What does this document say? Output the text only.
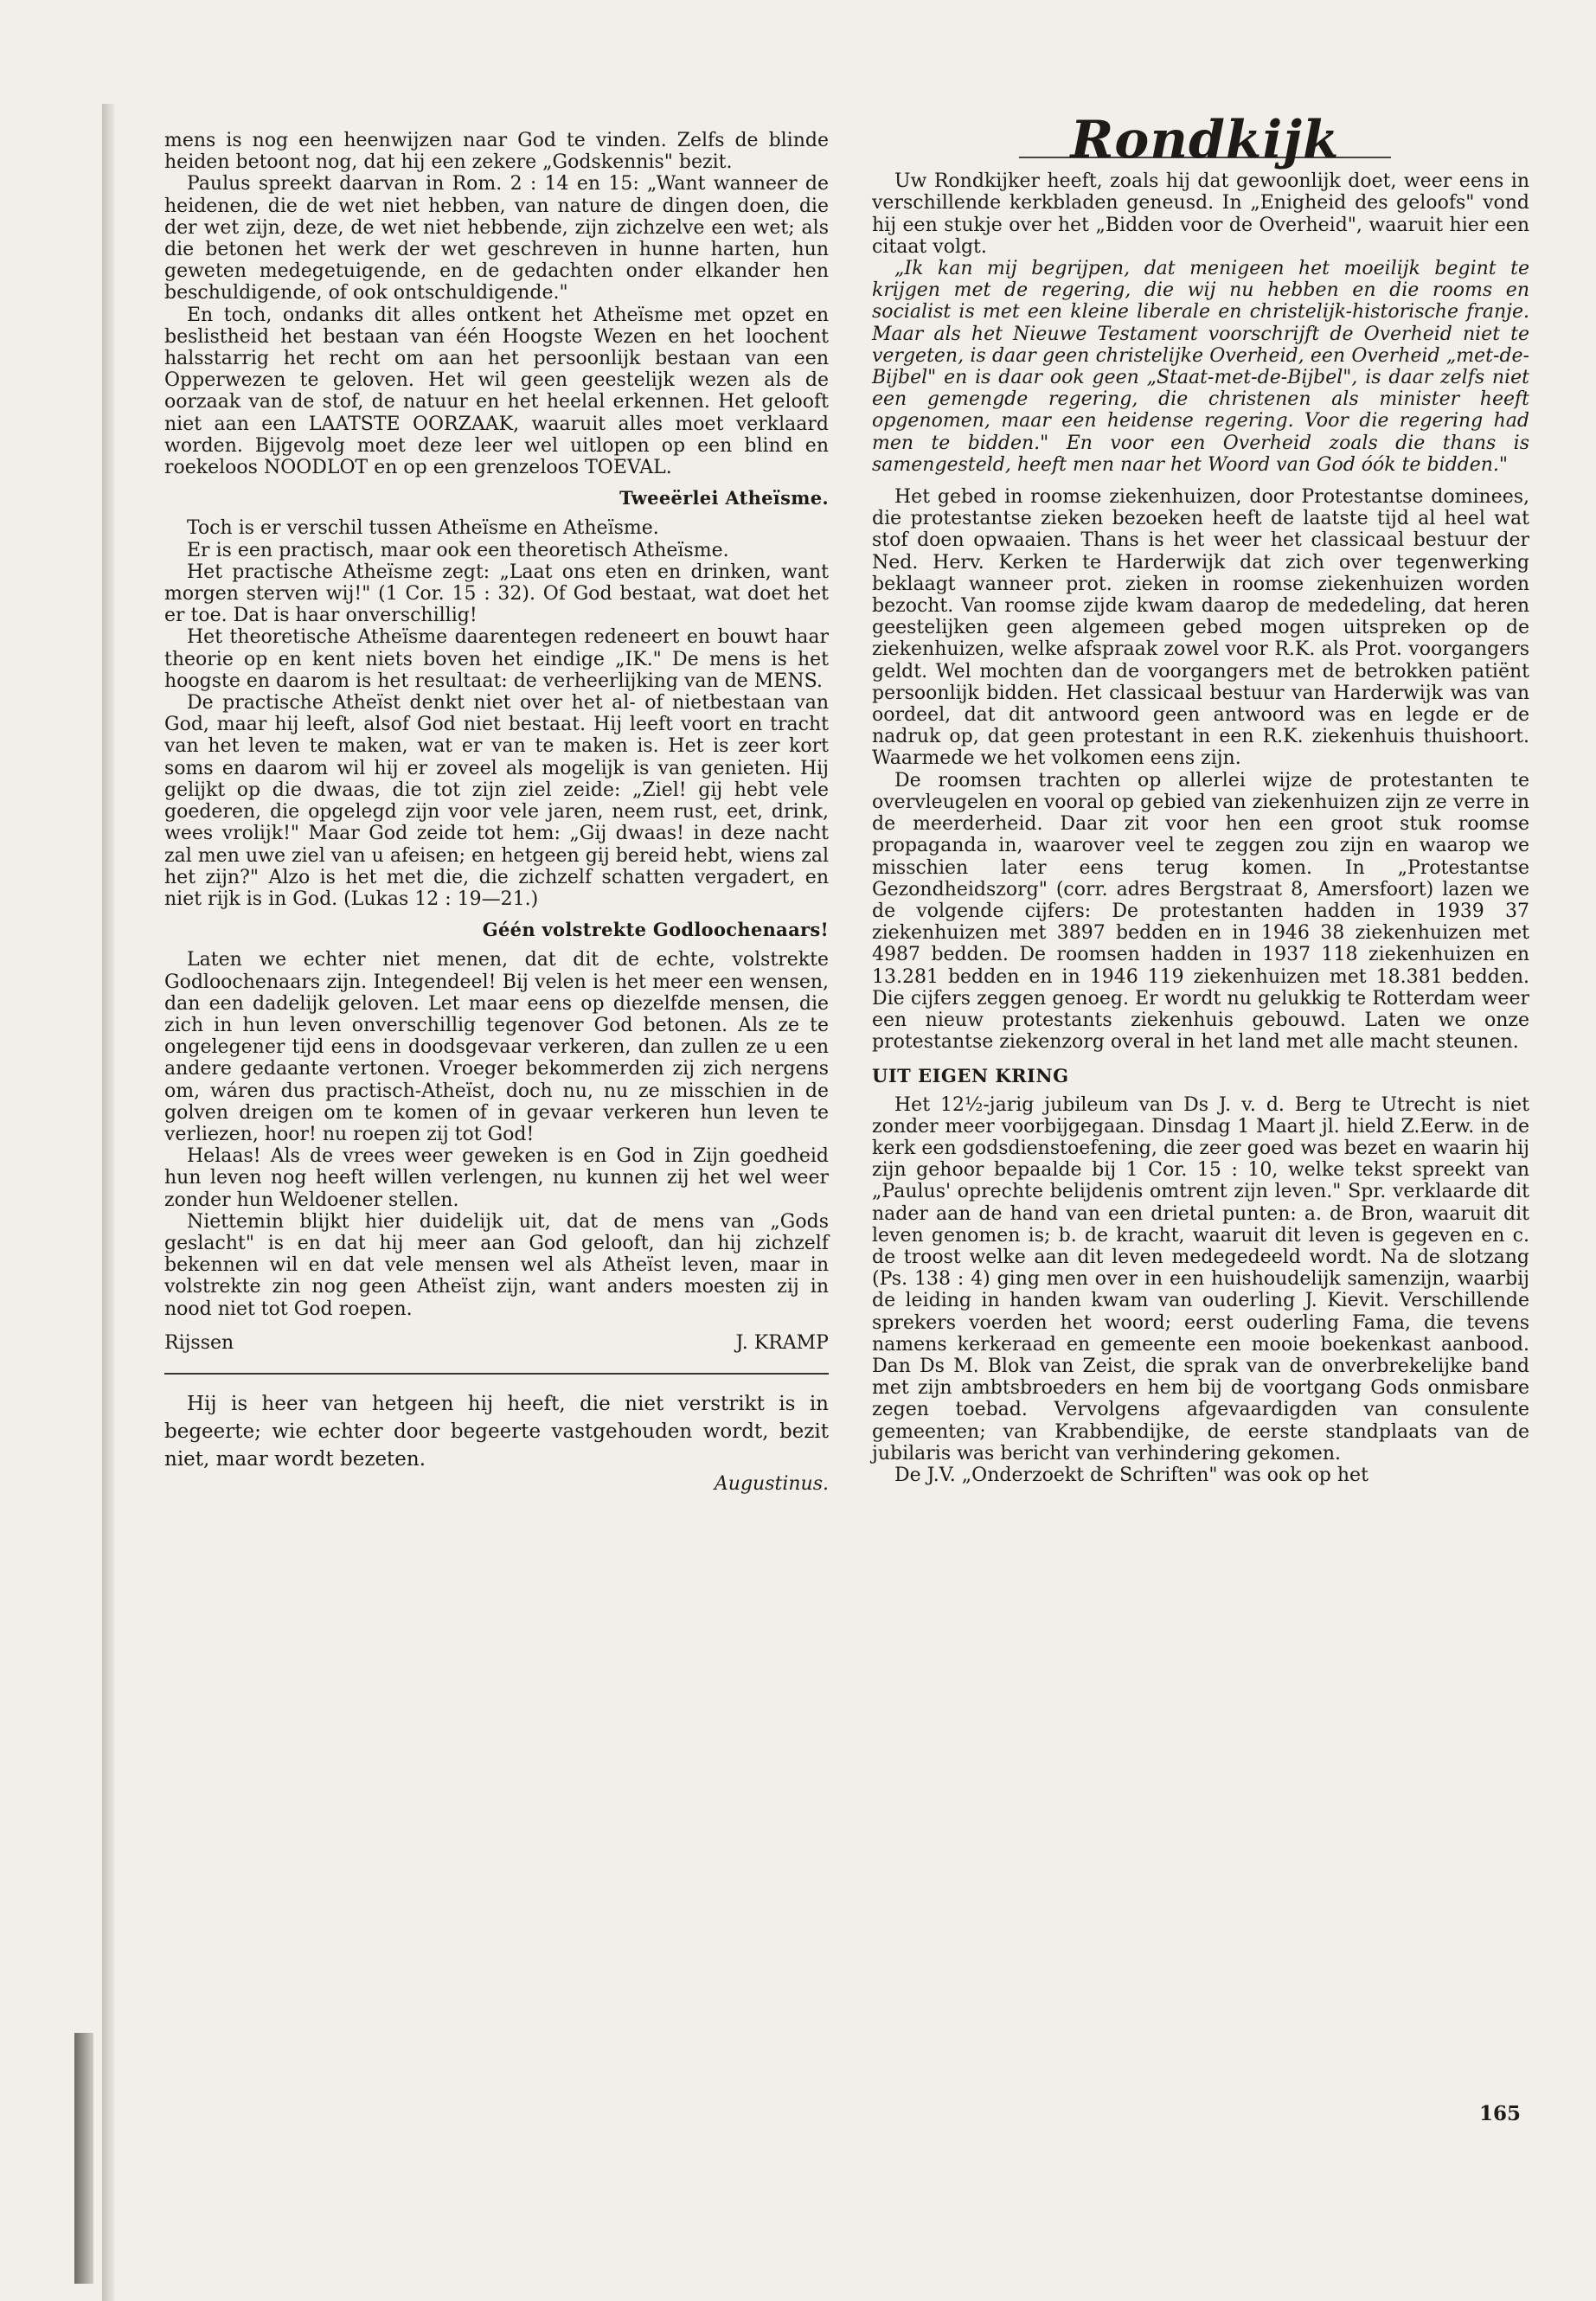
mens is nog een heenwijzen naar God te vinden. Zelfs de blinde heiden betoont nog, dat hij een zekere „Godskennis" bezit.

Paulus spreekt daarvan in Rom. 2 : 14 en 15: „Want wanneer de heidenen, die de wet niet hebben, van nature de dingen doen, die der wet zijn, deze, de wet niet hebbende, zijn zichzelve een wet; als die betonen het werk der wet geschreven in hunne harten, hun geweten medegetuigende, en de gedachten onder elkander hen beschuldigende, of ook ontschuldigende."

En toch, ondanks dit alles ontkent het Atheïsme met opzet en beslistheid het bestaan van één Hoogste Wezen en het loochent halsstarrig het recht om aan het persoonlijk bestaan van een Opperwezen te geloven. Het wil geen geestelijk wezen als de oorzaak van de stof, de natuur en het heelal erkennen. Het gelooft niet aan een LAATSTE OORZAAK, waaruit alles moet verklaard worden. Bijgevolg moet deze leer wel uitlopen op een blind en roekeloos NOODLOT en op een grenzeloos TOEVAL.

Tweeërlei Atheïsme.

Toch is er verschil tussen Atheïsme en Atheïsme.

Er is een practisch, maar ook een theoretisch Atheïsme.

Het practische Atheïsme zegt: „Laat ons eten en drinken, want morgen sterven wij!" (1 Cor. 15 : 32). Of God bestaat, wat doet het er toe. Dat is haar onverschillig!

Het theoretische Atheïsme daarentegen redeneert en bouwt haar theorie op en kent niets boven het eindige „IK." De mens is het hoogste en daarom is het resultaat: de verheerlijking van de MENS.

De practische Atheïst denkt niet over het al- of nietbestaan van God, maar hij leeft, alsof God niet bestaat. Hij leeft voort en tracht van het leven te maken, wat er van te maken is. Het is zeer kort soms en daarom wil hij er zoveel als mogelijk is van genieten. Hij gelijkt op die dwaas, die tot zijn ziel zeide: „Ziel! gij hebt vele goederen, die opgelegd zijn voor vele jaren, neem rust, eet, drink, wees vrolijk!" Maar God zeide tot hem: „Gij dwaas! in deze nacht zal men uwe ziel van u afeisen; en hetgeen gij bereid hebt, wiens zal het zijn?" Alzo is het met die, die zichzelf schatten vergadert, en niet rijk is in God. (Lukas 12 : 19—21.)

Géén volstrekte Godloochenaars!

Laten we echter niet menen, dat dit de echte, volstrekte Godloochenaars zijn. Integendeel! Bij velen is het meer een wensen, dan een dadelijk geloven. Let maar eens op diezelfde mensen, die zich in hun leven onverschillig tegenover God betonen. Als ze te ongelegener tijd eens in doodsgevaar verkeren, dan zullen ze u een andere gedaante vertonen. Vroeger bekommerden zij zich nergens om, wáren dus practisch-Atheïst, doch nu, nu ze misschien in de golven dreigen om te komen of in gevaar verkeren hun leven te verliezen, hoor! nu roepen zij tot God!

Helaas! Als de vrees weer geweken is en God in Zijn goedheid hun leven nog heeft willen verlengen, nu kunnen zij het wel weer zonder hun Weldoener stellen.

Niettemin blijkt hier duidelijk uit, dat de mens van „Gods geslacht" is en dat hij meer aan God gelooft, dan hij zichzelf bekennen wil en dat vele mensen wel als Atheïst leven, maar in volstrekte zin nog geen Atheïst zijn, want anders moesten zij in nood niet tot God roepen.

Rijssen	J. KRAMP

Hij is heer van hetgeen hij heeft, die niet verstrikt is in begeerte; wie echter door begeerte vastgehouden wordt, bezit niet, maar wordt bezeten.

Augustinus.

Rondkijk

Uw Rondkijker heeft, zoals hij dat gewoonlijk doet, weer eens in verschillende kerkbladen geneusd. In „Enigheid des geloofs" vond hij een stukje over het „Bidden voor de Overheid", waaruit hier een citaat volgt.

„Ik kan mij begrijpen, dat menigeen het moeilijk begint te krijgen met de regering, die wij nu hebben en die rooms en socialist is met een kleine liberale en christelijk-historische franje. Maar als het Nieuwe Testament voorschrijft de Overheid niet te vergeten, is daar geen christelijke Overheid, een Overheid „met-de-Bijbel" en is daar ook geen „Staat-met-de-Bijbel", is daar zelfs niet een gemengde regering, die christenen als minister heeft opgenomen, maar een heidense regering. Voor die regering had men te bidden." En voor een Overheid zoals die thans is samengesteld, heeft men naar het Woord van God óók te bidden."

Het gebed in roomse ziekenhuizen, door Protestantse dominees, die protestantse zieken bezoeken heeft de laatste tijd al heel wat stof doen opwaaien. Thans is het weer het classicaal bestuur der Ned. Herv. Kerken te Harderwijk dat zich over tegenwerking beklaagt wanneer prot. zieken in roomse ziekenhuizen worden bezocht. Van roomse zijde kwam daarop de mededeling, dat heren geestelijken geen algemeen gebed mogen uitspreken op de ziekenhuizen, welke afspraak zowel voor R.K. als Prot. voorgangers geldt. Wel mochten dan de voorgangers met de betrokken patiënt persoonlijk bidden. Het classicaal bestuur van Harderwijk was van oordeel, dat dit antwoord geen antwoord was en legde er de nadruk op, dat geen protestant in een R.K. ziekenhuis thuishoort. Waarmede we het volkomen eens zijn.

De roomsen trachten op allerlei wijze de protestanten te overvleugelen en vooral op gebied van ziekenhuizen zijn ze verre in de meerderheid. Daar zit voor hen een groot stuk roomse propaganda in, waarover veel te zeggen zou zijn en waarop we misschien later eens terug komen. In „Protestantse Gezondheidszorg" (corr. adres Bergstraat 8, Amersfoort) lazen we de volgende cijfers: De protestanten hadden in 1939 37 ziekenhuizen met 3897 bedden en in 1946 38 ziekenhuizen met 4987 bedden. De roomsen hadden in 1937 118 ziekenhuizen en 13.281 bedden en in 1946 119 ziekenhuizen met 18.381 bedden. Die cijfers zeggen genoeg. Er wordt nu gelukkig te Rotterdam weer een nieuw protestants ziekenhuis gebouwd. Laten we onze protestantse ziekenzorg overal in het land met alle macht steunen.

UIT EIGEN KRING

Het 12½-jarig jubileum van Ds J. v. d. Berg te Utrecht is niet zonder meer voorbijgegaan. Dinsdag 1 Maart jl. hield Z.Eerw. in de kerk een godsdienstoefening, die zeer goed was bezet en waarin hij zijn gehoor bepaalde bij 1 Cor. 15 : 10, welke tekst spreekt van „Paulus' oprechte belijdenis omtrent zijn leven." Spr. verklaarde dit nader aan de hand van een drietal punten: a. de Bron, waaruit dit leven genomen is; b. de kracht, waaruit dit leven is gegeven en c. de troost welke aan dit leven medegedeeld wordt. Na de slotzang (Ps. 138 : 4) ging men over in een huishoudelijk samenzijn, waarbij de leiding in handen kwam van ouderling J. Kievit. Verschillende sprekers voerden het woord; eerst ouderling Fama, die tevens namens kerkeraad en gemeente een mooie boekenkast aanbood. Dan Ds M. Blok van Zeist, die sprak van de onverbrekelijke band met zijn ambtsbroeders en hem bij de voortgang Gods onmisbare zegen toebad. Vervolgens afgevaardigden van consulente gemeenten; van Krabbendijke, de eerste standplaats van de jubilaris was bericht van verhindering gekomen.

De J.V. „Onderzoekt de Schriften" was ook op het

165
